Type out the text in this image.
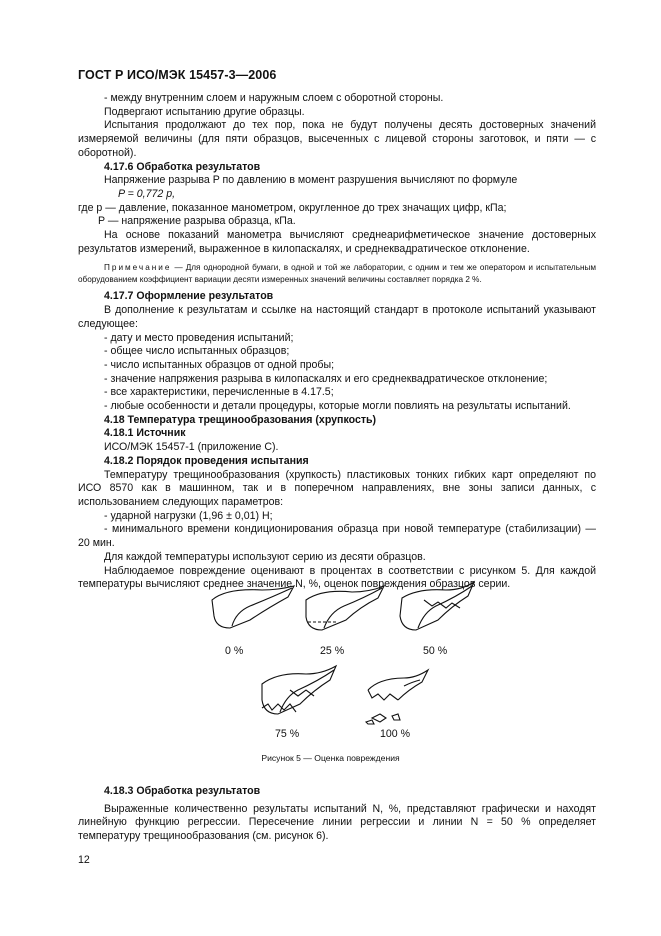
ГОСТ Р ИСО/МЭК 15457-3—2006

- между внутренним слоем и наружным слоем с оборотной стороны.

Подвергают испытанию другие образцы.

Испытания продолжают до тех пор, пока не будут получены десять достоверных значений измеряемой величины (для пяти образцов, высеченных с лицевой стороны заготовок, и пяти — с оборотной).

4.17.6 Обработка результатов

Напряжение разрыва P по давлению в момент разрушения вычисляют по формуле

P = 0,772 p,

где p — давление, показанное манометром, округленное до трех значащих цифр, кПа;

P — напряжение разрыва образца, кПа.

На основе показаний манометра вычисляют среднеарифметическое значение достоверных результатов измерений, выраженное в килопаскалях, и среднеквадратическое отклонение.

Примечание — Для однородной бумаги, в одной и той же лаборатории, с одним и тем же оператором и испытательным оборудованием коэффициент вариации десяти измеренных значений величины составляет порядка 2 %.

4.17.7 Оформление результатов

В дополнение к результатам и ссылке на настоящий стандарт в протоколе испытаний указывают следующее:

- дату и место проведения испытаний;

- общее число испытанных образцов;

- число испытанных образцов от одной пробы;

- значение напряжения разрыва в килопаскалях и его среднеквадратическое отклонение;

- все характеристики, перечисленные в 4.17.5;

- любые особенности и детали процедуры, которые могли повлиять на результаты испытаний.

4.18 Температура трещинообразования (хрупкость)

4.18.1 Источник

ИСО/МЭК 15457-1 (приложение С).

4.18.2 Порядок проведения испытания

Температуру трещинообразования (хрупкость) пластиковых тонких гибких карт определяют по ИСО 8570 как в машинном, так и в поперечном направлениях, вне зоны записи данных, с использованием следующих параметров:

- ударной нагрузки (1,96 ± 0,01) Н;

- минимального времени кондиционирования образца при новой температуре (стабилизации) — 20 мин.

Для каждой температуры используют серию из десяти образцов.

Наблюдаемое повреждение оценивают в процентах в соответствии с рисунком 5. Для каждой температуры вычисляют среднее значение N, %, оценок повреждения образцов серии.

0 %	25 %	50 %
75 %	100 %
Рисунок 5 — Оценка повреждения

4.18.3 Обработка результатов

Выраженные количественно результаты испытаний N, %, представляют графически и находят линейную функцию регрессии. Пересечение линии регрессии и линии N = 50 % определяет температуру трещинообразования (см. рисунок 6).

12
